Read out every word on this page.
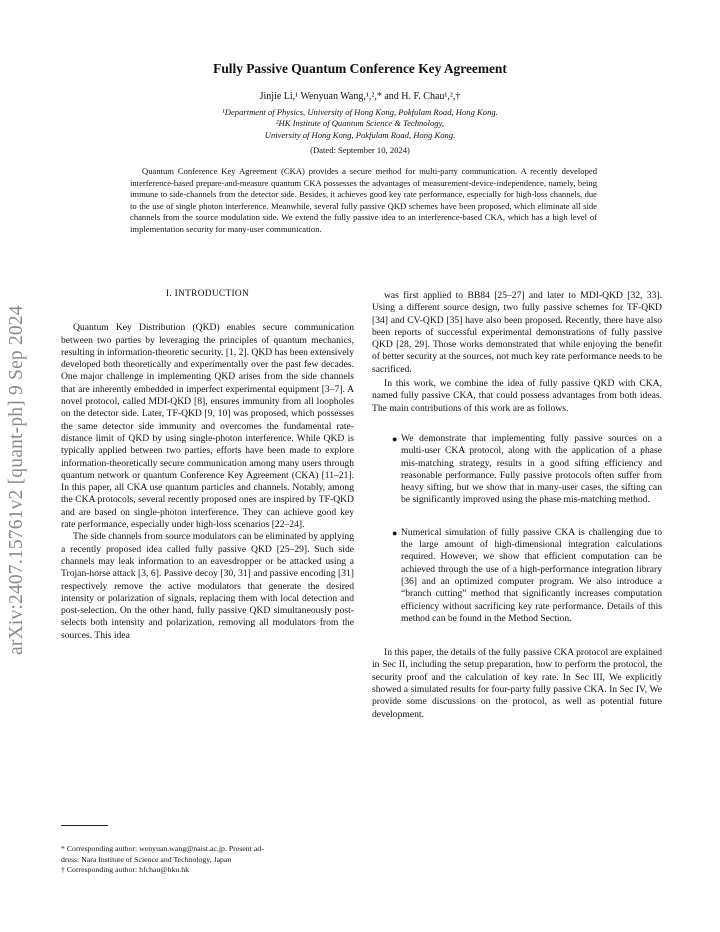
arXiv:2407.15761v2 [quant-ph] 9 Sep 2024
Fully Passive Quantum Conference Key Agreement
Jinjie Li,¹ Wenyuan Wang,¹,²,* and H. F. Chau¹,²,†
¹Department of Physics, University of Hong Kong, Pokfulam Road, Hong Kong.
²HK Institute of Quantum Science & Technology,
University of Hong Kong, Pokfulam Road, Hong Kong.
(Dated: September 10, 2024)

Quantum Conference Key Agreement (CKA) provides a secure method for multi-party communication. A recently developed interference-based prepare-and-measure quantum CKA possesses the advantages of measurement-device-independence, namely, being immune to side-channels from the detector side. Besides, it achieves good key rate performance, especially for high-loss channels, due to the use of single photon interference. Meanwhile, several fully passive QKD schemes have been proposed, which eliminate all side channels from the source modulation side. We extend the fully passive idea to an interference-based CKA, which has a high level of implementation security for many-user communication.

I. INTRODUCTION

Quantum Key Distribution (QKD) enables secure communication between two parties by leveraging the principles of quantum mechanics, resulting in information-theoretic security. [1, 2]. QKD has been extensively developed both theoretically and experimentally over the past few decades. One major challenge in implementing QKD arises from the side channels that are inherently embedded in imperfect experimental equipment [3–7]. A novel protocol, called MDI-QKD [8], ensures immunity from all loopholes on the detector side. Later, TF-QKD [9, 10] was proposed, which possesses the same detector side immunity and overcomes the fundamental rate-distance limit of QKD by using single-photon interference. While QKD is typically applied between two parties, efforts have been made to explore information-theoretically secure communication among many users through quantum network or quantum Conference Key Agreement (CKA) [11–21]. In this paper, all CKA use quantum particles and channels. Notably, among the CKA protocols, several recently proposed ones are inspired by TF-QKD and are based on single-photon interference. They can achieve good key rate performance, especially under high-loss scenarios [22–24].

The side channels from source modulators can be eliminated by applying a recently proposed idea called fully passive QKD [25–29]. Such side channels may leak information to an eavesdropper or be attacked using a Trojan-horse attack [3, 6]. Passive decoy [30, 31] and passive encoding [31] respectively remove the active modulators that generate the desired intensity or polarization of signals, replacing them with local detection and post-selection. On the other hand, fully passive QKD simultaneously post-selects both intensity and polarization, removing all modulators from the sources. This idea

was first applied to BB84 [25–27] and later to MDI-QKD [32, 33]. Using a different source design, two fully passive schemes for TF-QKD [34] and CV-QKD [35] have also been proposed. Recently, there have also been reports of successful experimental demonstrations of fully passive QKD [28, 29]. Those works demonstrated that while enjoying the benefit of better security at the sources, not much key rate performance needs to be sacrificed.

In this work, we combine the idea of fully passive QKD with CKA, named fully passive CKA, that could possess advantages from both ideas. The main contributions of this work are as follows.

● We demonstrate that implementing fully passive sources on a multi-user CKA protocol, along with the application of a phase mis-matching strategy, results in a good sifting efficiency and reasonable performance. Fully passive protocols often suffer from heavy sifting, but we show that in many-user cases, the sifting can be significantly improved using the phase mis-matching method.
● Numerical simulation of fully passive CKA is challenging due to the large amount of high-dimensional integration calculations required. However, we show that efficient computation can be achieved through the use of a high-performance integration library [36] and an optimized computer program. We also introduce a “branch cutting” method that significantly increases computation efficiency without sacrificing key rate performance. Details of this method can be found in the Method Section.

In this paper, the details of the fully passive CKA protocol are explained in Sec II, including the setup preparation, how to perform the protocol, the security proof and the calculation of key rate. In Sec III, We explicitly showed a simulated results for four-party fully passive CKA. In Sec IV, We provide some discussions on the protocol, as well as potential future development.

* Corresponding author: wenyuan.wang@naist.ac.jp. Present ad-
dress: Nara Institute of Science and Technology, Japan
† Corresponding author: hfchau@hku.hk
